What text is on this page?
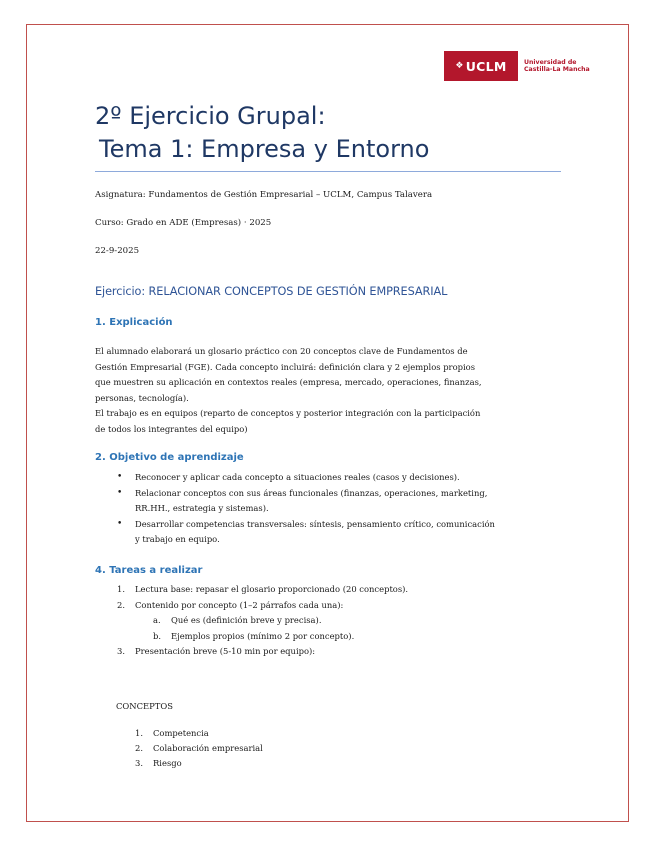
❖ UCLM	Universidad de
Castilla-La Mancha
2º Ejercicio Grupal:
Tema 1: Empresa y Entorno
Asignatura: Fundamentos de Gestión Empresarial – UCLM, Campus Talavera
Curso: Grado en ADE (Empresas) · 2025
22-9-2025
Ejercicio: RELACIONAR CONCEPTOS DE GESTIÓN EMPRESARIAL
1. Explicación

El alumnado elaborará un glosario práctico con 20 conceptos clave de Fundamentos de

Gestión Empresarial (FGE). Cada concepto incluirá: definición clara y 2 ejemplos propios

que muestren su aplicación en contextos reales (empresa, mercado, operaciones, finanzas,

personas, tecnología).

El trabajo es en equipos (reparto de conceptos y posterior integración con la participación

de todos los integrantes del equipo)

2. Objetivo de aprendizaje
• Reconocer y aplicar cada concepto a situaciones reales (casos y decisiones).
• Relacionar conceptos con sus áreas funcionales (finanzas, operaciones, marketing,
RR.HH., estrategia y sistemas).
• Desarrollar competencias transversales: síntesis, pensamiento crítico, comunicación
y trabajo en equipo.
4. Tareas a realizar
1.	Lectura base: repasar el glosario proporcionado (20 conceptos).
2.	Contenido por concepto (1–2 párrafos cada una):
a.	Qué es (definición breve y precisa).
b.	Ejemplos propios (mínimo 2 por concepto).
3.	Presentación breve (5-10 min por equipo):
CONCEPTOS
1.	Competencia
2.	Colaboración empresarial
3.	Riesgo
